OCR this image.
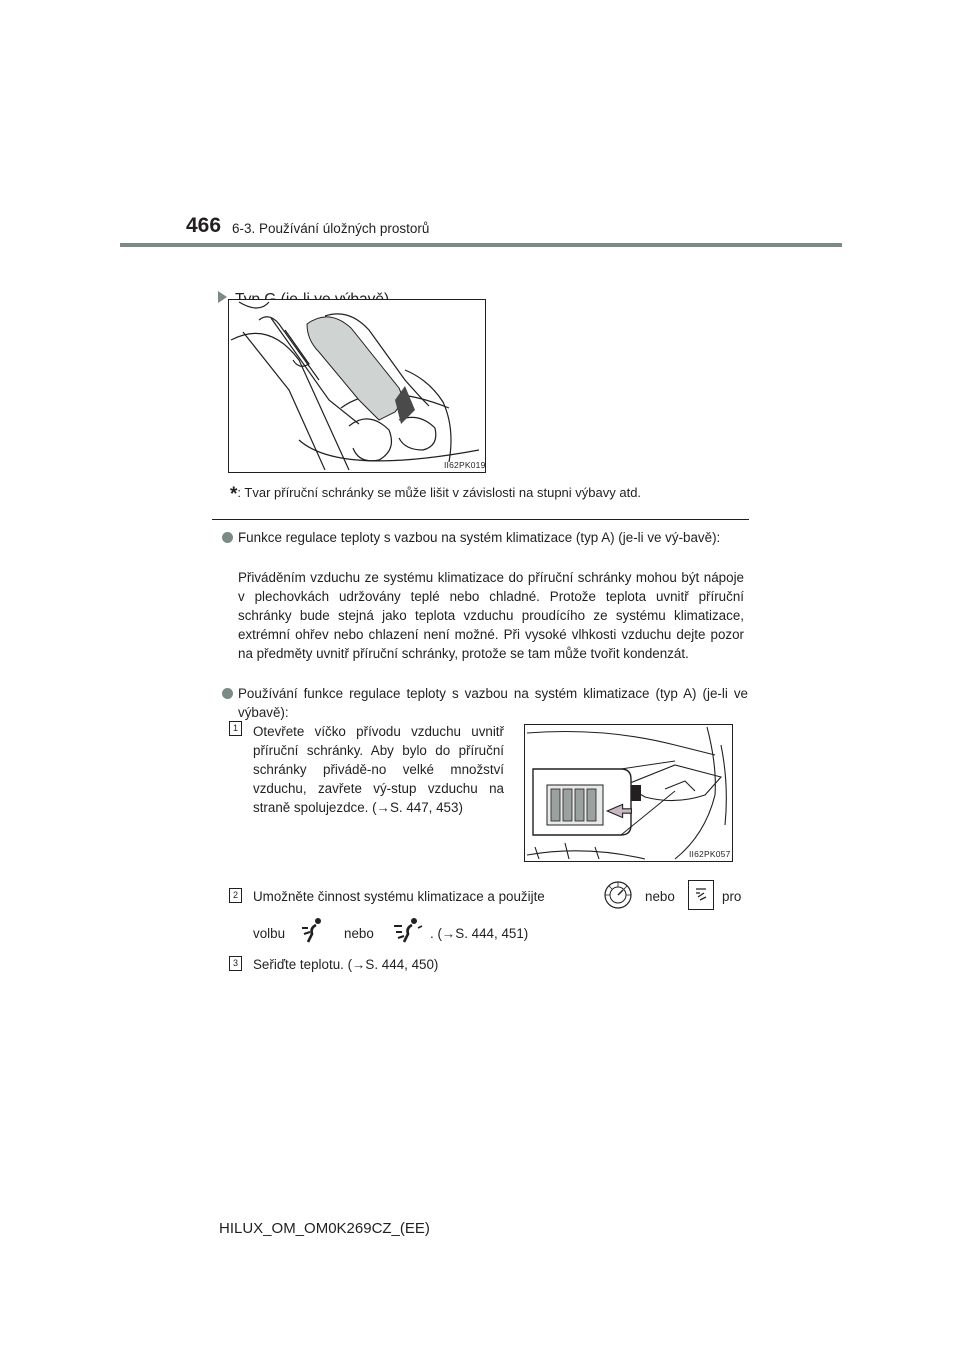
466 6-3. Používání úložných prostorů
II62PK019
*: Tvar příruční schránky se může lišit v závislosti na stupni výbavy atd.
Funkce regulace teploty s vazbou na systém klimatizace (typ A) (je-li ve vý-bavě):
Přiváděním vzduchu ze systému klimatizace do příruční schránky mohou být nápoje v plechovkách udržovány teplé nebo chladné. Protože teplota uvnitř příruční schránky bude stejná jako teplota vzduchu proudícího ze systému klimatizace, extrémní ohřev nebo chlazení není možné. Při vysoké vlhkosti vzduchu dejte pozor na předměty uvnitř příruční schránky, protože se tam může tvořit kondenzát.
Používání funkce regulace teploty s vazbou na systém klimatizace (typ A) (je-li ve výbavě):
1 Otevřete víčko přívodu vzduchu uvnitř příruční schránky. Aby bylo do příruční schránky přivádě-no velké množství vzduchu, zavřete vý-stup vzduchu na straně spolujezdce. (→S. 447, 453)
II62PK057
2 Umožněte činnost systému klimatizace a použijte	nebo	pro
volbu	nebo	. (→S. 444, 451)
3 Seřiďte teplotu. (→S. 444, 450)
HILUX_OM_OM0K269CZ_(EE)
